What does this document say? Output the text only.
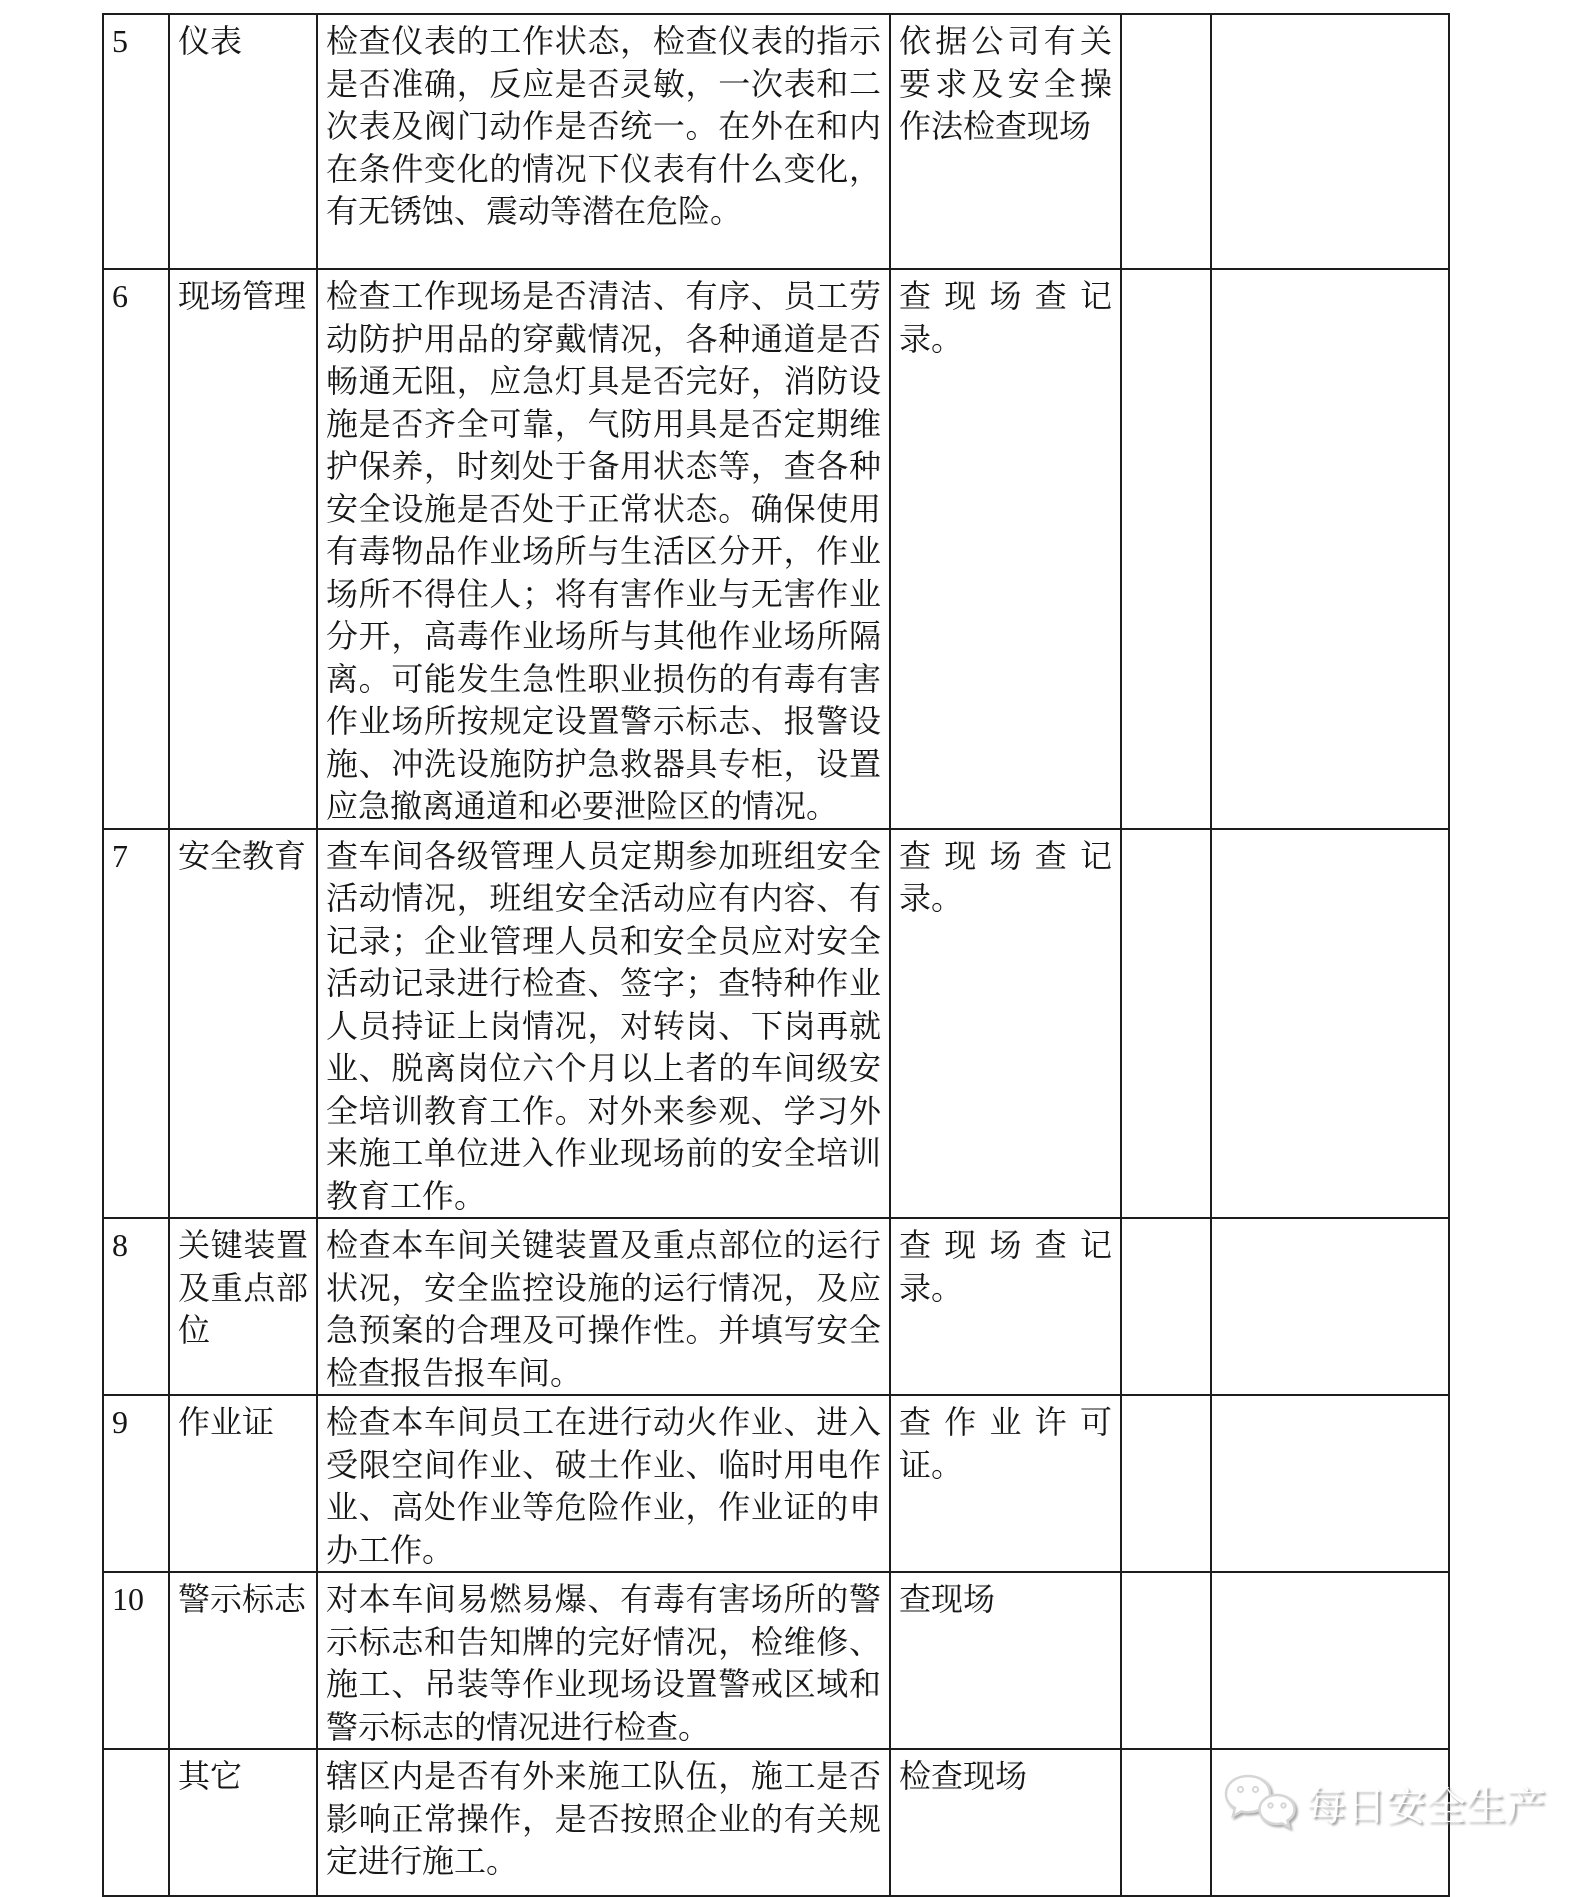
5	仪表	检查仪表的工作状态，检查仪表的指示是否准确，反应是否灵敏，一次表和二次表及阀门动作是否统一。在外在和内在条件变化的情况下仪表有什么变化，有无锈蚀、震动等潜在危险。	依据公司有关要求及安全操作法检查现场		
6	现场管理	检查工作现场是否清洁、有序、员工劳动防护用品的穿戴情况，各种通道是否畅通无阻，应急灯具是否完好，消防设施是否齐全可靠，气防用具是否定期维护保养，时刻处于备用状态等，查各种安全设施是否处于正常状态。确保使用有毒物品作业场所与生活区分开，作业场所不得住人；将有害作业与无害作业分开，高毒作业场所与其他作业场所隔离。可能发生急性职业损伤的有毒有害作业场所按规定设置警示标志、报警设施、冲洗设施防护急救器具专柜，设置应急撤离通道和必要泄险区的情况。	查现场查记录。		
7	安全教育	查车间各级管理人员定期参加班组安全活动情况，班组安全活动应有内容、有记录；企业管理人员和安全员应对安全活动记录进行检查、签字；查特种作业人员持证上岗情况，对转岗、下岗再就业、脱离岗位六个月以上者的车间级安全培训教育工作。对外来参观、学习外来施工单位进入作业现场前的安全培训教育工作。	查现场查记录。		
8	关键装置及重点部位	检查本车间关键装置及重点部位的运行状况，安全监控设施的运行情况，及应急预案的合理及可操作性。并填写安全检查报告报车间。	查现场查记录。		
9	作业证	检查本车间员工在进行动火作业、进入受限空间作业、破土作业、临时用电作业、高处作业等危险作业，作业证的申办工作。	查作业许可证。		
10	警示标志	对本车间易燃易爆、有毒有害场所的警示标志和告知牌的完好情况，检维修、施工、吊装等作业现场设置警戒区域和警示标志的情况进行检查。	查现场		
	其它	辖区内是否有外来施工队伍，施工是否影响正常操作，是否按照企业的有关规定进行施工。	检查现场		
每日安全生产
